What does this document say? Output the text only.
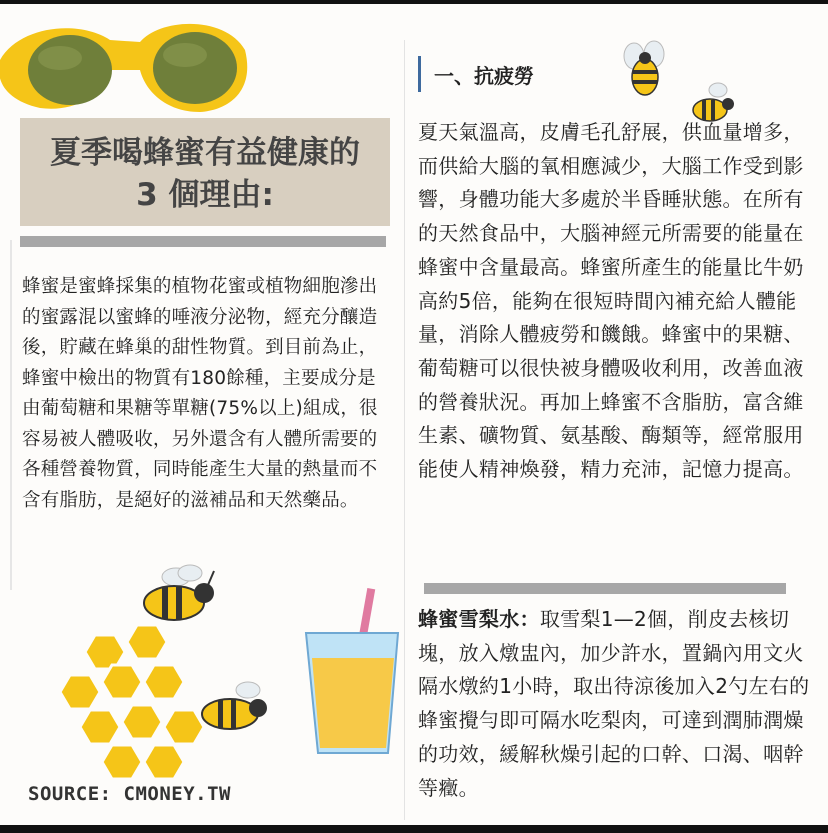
夏季喝蜂蜜有益健康的
3 個理由:
蜂蜜是蜜蜂採集的植物花蜜或植物細胞滲出的蜜露混以蜜蜂的唾液分泌物，經充分釀造後，貯藏在蜂巢的甜性物質。到目前為止，蜂蜜中檢出的物質有180餘種，主要成分是由葡萄糖和果糖等單糖(75%以上)組成，很容易被人體吸收，另外還含有人體所需要的各種營養物質，同時能產生大量的熱量而不含有脂肪，是絕好的滋補品和天然藥品。
SOURCE: CMONEY.TW
一、抗疲勞
夏天氣溫高，皮膚毛孔舒展，供血量增多，而供給大腦的氧相應減少，大腦工作受到影響，身體功能大多處於半昏睡狀態。在所有的天然食品中，大腦神經元所需要的能量在蜂蜜中含量最高。蜂蜜所產生的能量比牛奶高約5倍，能夠在很短時間內補充給人體能量，消除人體疲勞和饑餓。蜂蜜中的果糖、葡萄糖可以很快被身體吸收利用，改善血液的營養狀況。再加上蜂蜜不含脂肪，富含維生素、礦物質、氨基酸、酶類等，經常服用能使人精神煥發，精力充沛，記憶力提高。
蜂蜜雪梨水：取雪梨1—2個，削皮去核切塊，放入燉盅內，加少許水，置鍋內用文火隔水燉約1小時，取出待涼後加入2勺左右的蜂蜜攪勻即可隔水吃梨肉，可達到潤肺潤燥的功效，緩解秋燥引起的口幹、口渴、咽幹等癥。
